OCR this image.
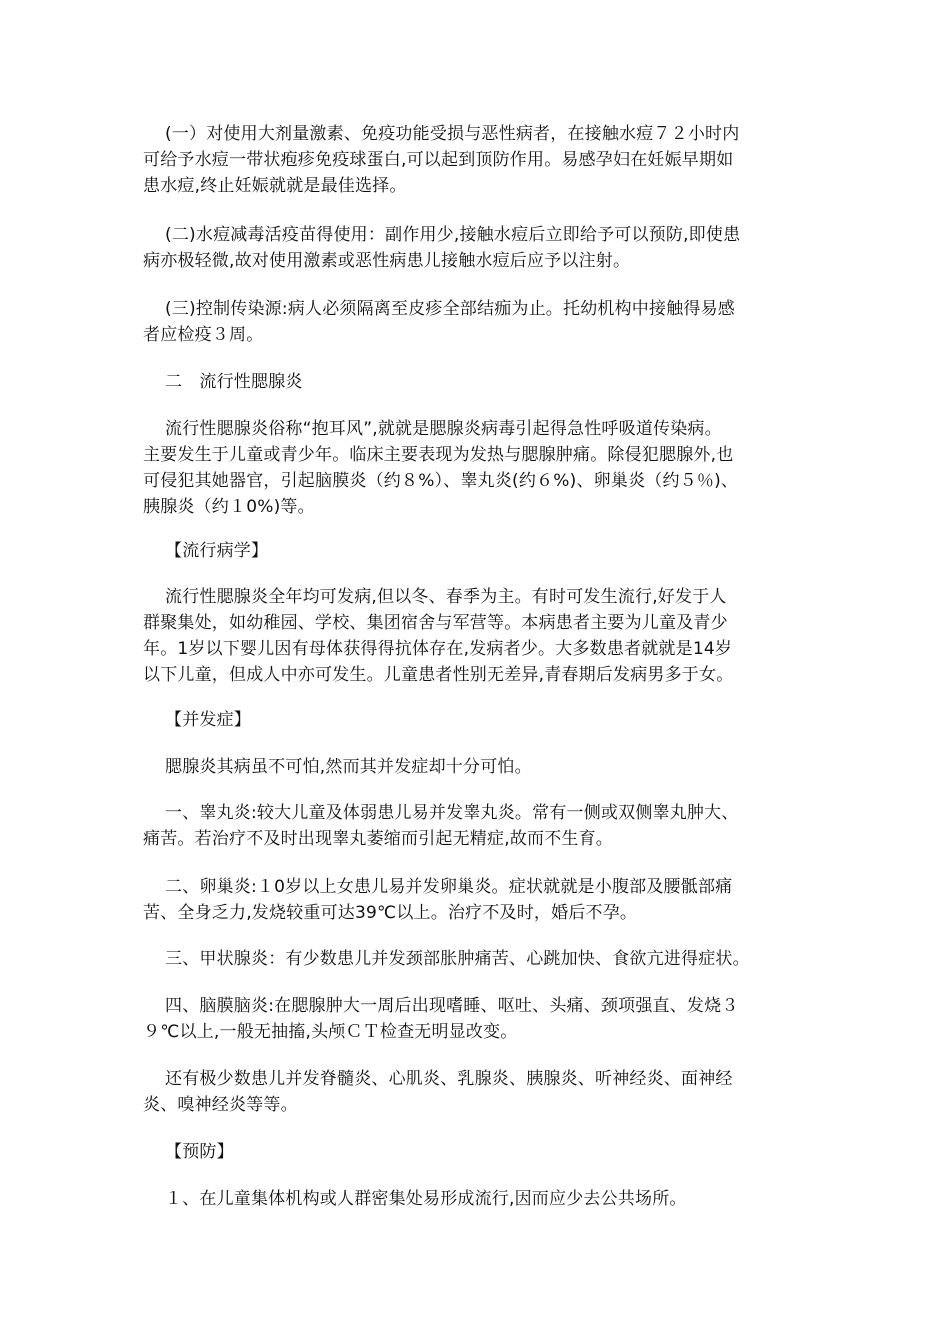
(一）对使用大剂量激素、免疫功能受损与恶性病者，在接触水痘７２小时内
可给予水痘一带状疱疹免疫球蛋白,可以起到顶防作用。易感孕妇在妊娠早期如
患水痘,终止妊娠就就是最佳选择。

(二)水痘减毒活疫苗得使用：副作用少,接触水痘后立即给予可以预防,即使患
病亦极轻微,故对使用激素或恶性病患儿接触水痘后应予以注射。

(三)控制传染源:病人必须隔离至皮疹全部结痂为止。托幼机构中接触得易感
者应检疫３周。

二　流行性腮腺炎

流行性腮腺炎俗称“抱耳风”,就就是腮腺炎病毒引起得急性呼吸道传染病。
主要发生于儿童或青少年。临床主要表现为发热与腮腺肿痛。除侵犯腮腺外,也
可侵犯其她器官，引起脑膜炎（约８%）、睾丸炎(约６%)、卵巢炎（约５％)、
胰腺炎（约１0%)等。

【流行病学】

流行性腮腺炎全年均可发病,但以冬、春季为主。有时可发生流行,好发于人
群聚集处，如幼稚园、学校、集团宿舍与军营等。本病患者主要为儿童及青少
年。1岁以下婴儿因有母体获得得抗体存在,发病者少。大多数患者就就是14岁
以下儿童，但成人中亦可发生。儿童患者性别无差异,青春期后发病男多于女。

【并发症】

腮腺炎其病虽不可怕,然而其并发症却十分可怕。

一、睾丸炎:较大儿童及体弱患儿易并发睾丸炎。常有一侧或双侧睾丸肿大、
痛苦。若治疗不及时出现睾丸萎缩而引起无精症,故而不生育。

二、卵巢炎:１0岁以上女患儿易并发卵巢炎。症状就就是小腹部及腰骶部痛
苦、全身乏力,发烧较重可达39℃以上。治疗不及时，婚后不孕。

三、甲状腺炎：有少数患儿并发颈部胀肿痛苦、心跳加快、食欲亢进得症状。

四、脑膜脑炎:在腮腺肿大一周后出现嗜睡、呕吐、头痛、颈项强直、发烧３
９℃以上,一般无抽搐,头颅ＣＴ检查无明显改变。

还有极少数患儿并发脊髓炎、心肌炎、乳腺炎、胰腺炎、听神经炎、面神经
炎、嗅神经炎等等。

【预防】

１、在儿童集体机构或人群密集处易形成流行,因而应少去公共场所。
